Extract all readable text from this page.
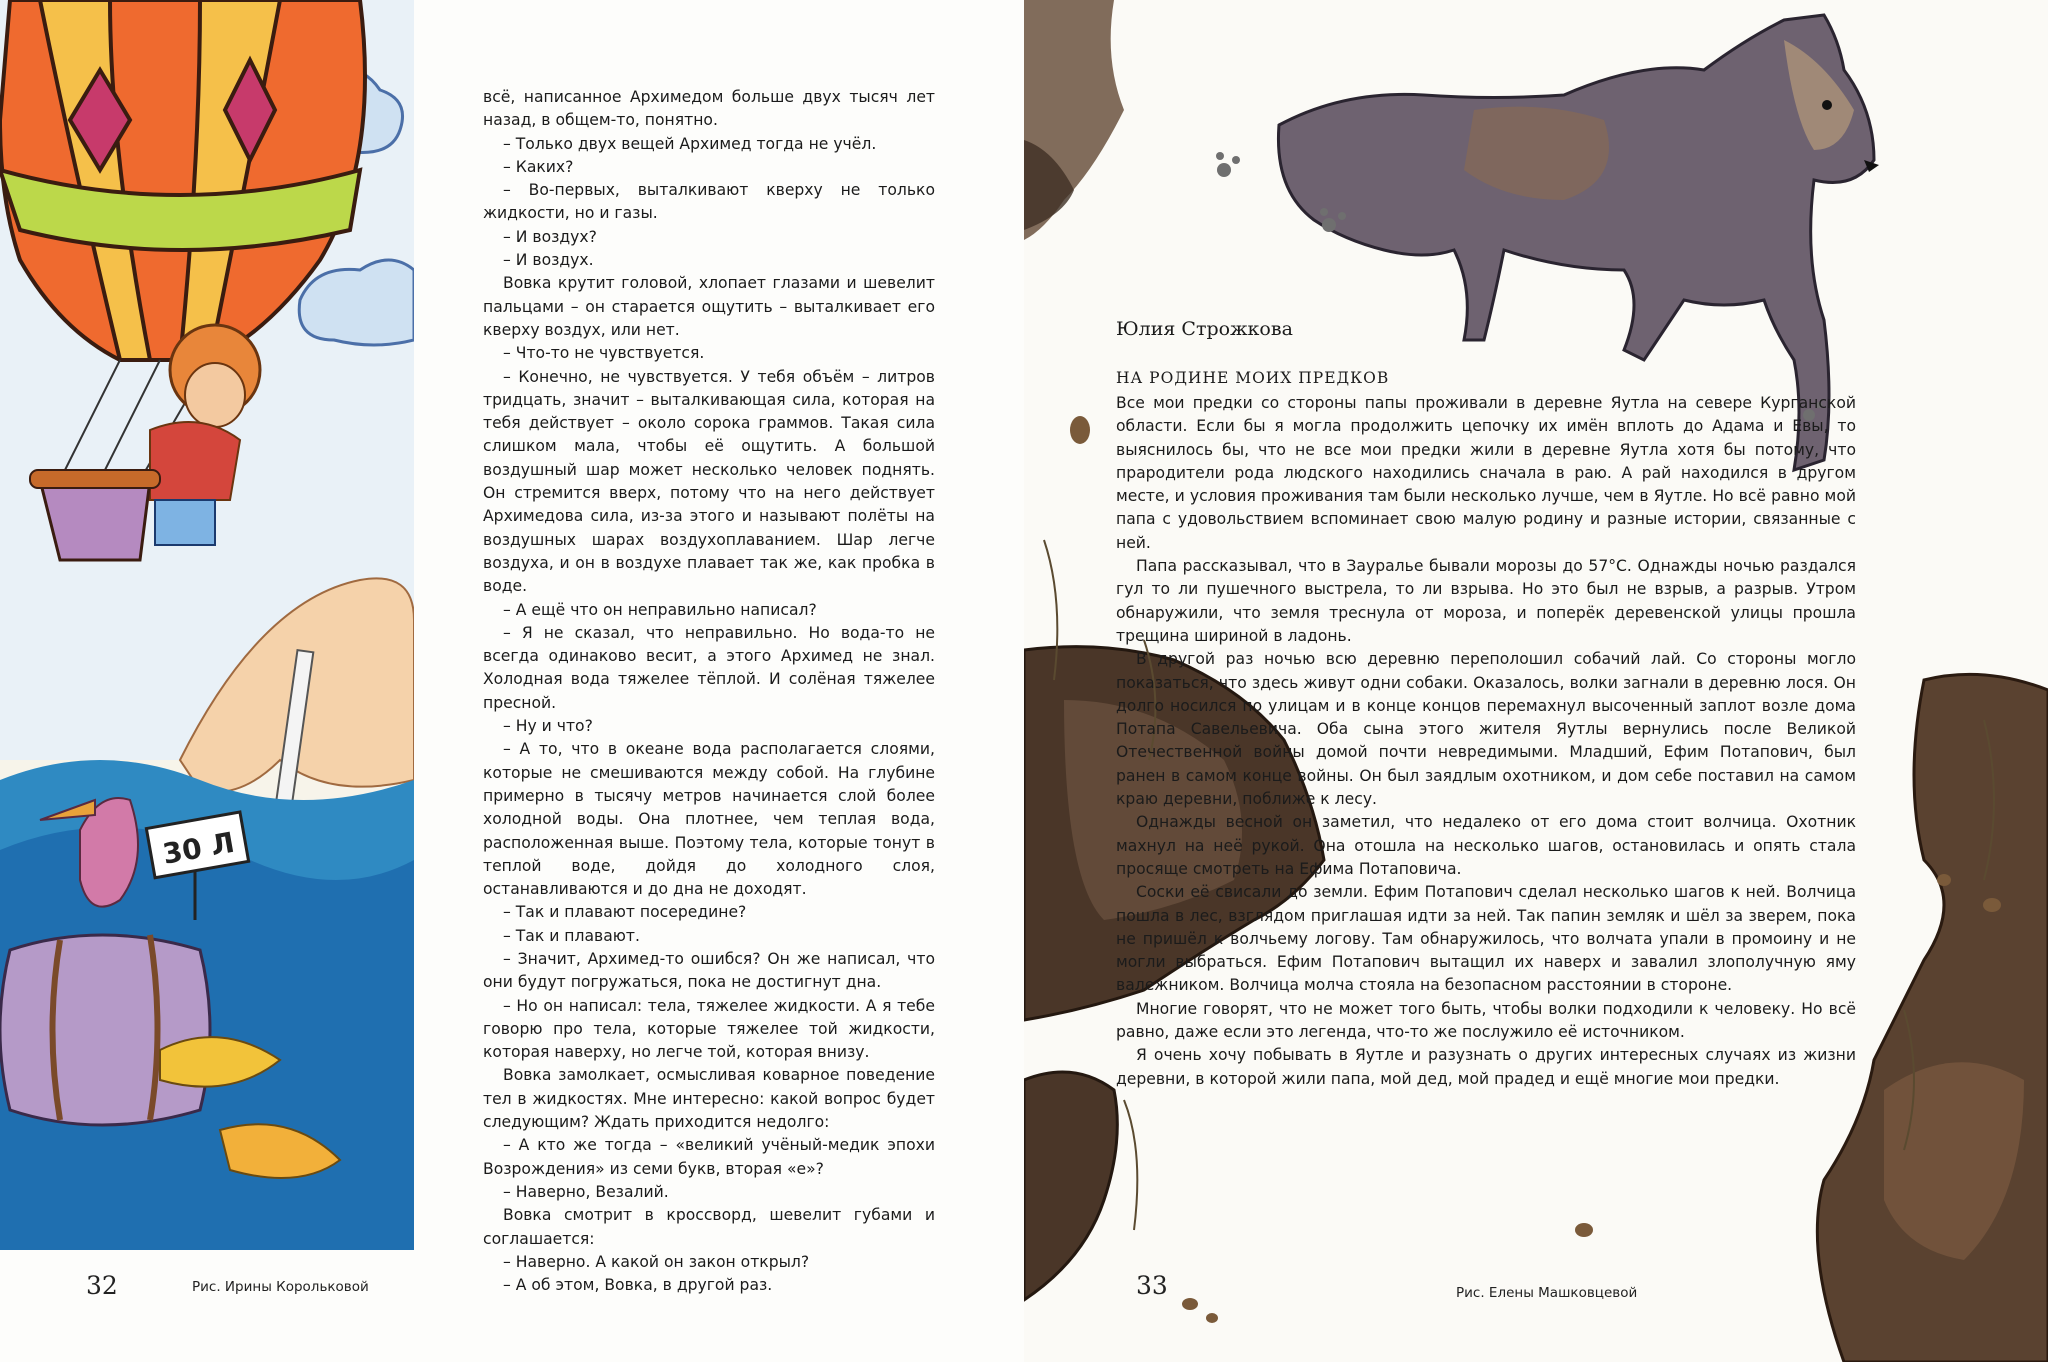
30 Л

всё, написанное Архимедом больше двух тысяч лет назад, в общем-то, понятно.

– Только двух вещей Архимед тогда не учёл.

– Каких?

– Во-первых, выталкивают кверху не только жидкости, но и газы.

– И воздух?

– И воздух.

Вовка крутит головой, хлопает глазами и шевелит пальцами – он старается ощутить – выталкивает его кверху воздух, или нет.

– Что-то не чувствуется.

– Конечно, не чувствуется. У тебя объём – литров тридцать, значит – выталкивающая сила, которая на тебя действует – около сорока граммов. Такая сила слишком мала, чтобы её ощутить. А большой воздушный шар может несколько человек поднять. Он стремится вверх, потому что на него действует Архимедова сила, из-за этого и называют полёты на воздушных шарах воздухоплаванием. Шар легче воздуха, и он в воздухе плавает так же, как пробка в воде.

– А ещё что он неправильно написал?

– Я не сказал, что неправильно. Но вода-то не всегда одинаково весит, а этого Архимед не знал. Холодная вода тяжелее тёплой. И солёная тяжелее пресной.

– Ну и что?

– А то, что в океане вода располагается слоями, которые не смешиваются между собой. На глубине примерно в тысячу метров начинается слой более холодной воды. Она плотнее, чем теплая вода, расположенная выше. Поэтому тела, которые тонут в теплой воде, дойдя до холодного слоя, останавливаются и до дна не доходят.

– Так и плавают посередине?

– Так и плавают.

– Значит, Архимед-то ошибся? Он же написал, что они будут погружаться, пока не достигнут дна.

– Но он написал: тела, тяжелее жидкости. А я тебе говорю про тела, которые тяжелее той жидкости, которая наверху, но легче той, которая внизу.

Вовка замолкает, осмысливая коварное поведение тел в жидкостях. Мне интересно: какой вопрос будет следующим? Ждать приходится недолго:

– А кто же тогда – «великий учёный-медик эпохи Возрождения» из семи букв, вторая «е»?

– Наверно, Везалий.

Вовка смотрит в кроссворд, шевелит губами и соглашается:

– Наверно. А какой он закон открыл?

– А об этом, Вовка, в другой раз.

32	Рис. Ирины Корольковой
Юлия Строжкова
НА РОДИНЕ МОИХ ПРЕДКОВ

Все мои предки со стороны папы проживали в деревне Яутла на севере Курганской области. Если бы я могла продолжить цепочку их имён вплоть до Адама и Евы, то выяснилось бы, что не все мои предки жили в деревне Яутла хотя бы потому, что прародители рода людского находились сначала в раю. А рай находился в другом месте, и условия проживания там были несколько лучше, чем в Яутле. Но всё равно мой папа с удовольствием вспоминает свою малую родину и разные истории, связанные с ней.

Папа рассказывал, что в Зауралье бывали морозы до 57°С. Однажды ночью раздался гул то ли пушечного выстрела, то ли взрыва. Но это был не взрыв, а разрыв. Утром обнаружили, что земля треснула от мороза, и поперёк деревенской улицы прошла трещина шириной в ладонь.

В другой раз ночью всю деревню переполошил собачий лай. Со стороны могло показаться, что здесь живут одни собаки. Оказалось, волки загнали в деревню лося. Он долго носился по улицам и в конце концов перемахнул высоченный заплот возле дома Потапа Савельевича. Оба сына этого жителя Яутлы вернулись после Великой Отечественной войны домой почти невредимыми. Младший, Ефим Потапович, был ранен в самом конце войны. Он был заядлым охотником, и дом себе поставил на самом краю деревни, поближе к лесу.

Однажды весной он заметил, что недалеко от его дома стоит волчица. Охотник махнул на неё рукой. Она отошла на несколько шагов, остановилась и опять стала просяще смотреть на Ефима Потаповича.

Соски её свисали до земли. Ефим Потапович сделал несколько шагов к ней. Волчица пошла в лес, взглядом приглашая идти за ней. Так папин земляк и шёл за зверем, пока не пришёл к волчьему логову. Там обнаружилось, что волчата упали в промоину и не могли выбраться. Ефим Потапович вытащил их наверх и завалил злополучную яму валежником. Волчица молча стояла на безопасном расстоянии в стороне.

Многие говорят, что не может того быть, чтобы волки подходили к человеку. Но всё равно, даже если это легенда, что-то же послужило её источником.

Я очень хочу побывать в Яутле и разузнать о других интересных случаях из жизни деревни, в которой жили папа, мой дед, мой прадед и ещё многие мои предки.

33	Рис. Елены Машковцевой
